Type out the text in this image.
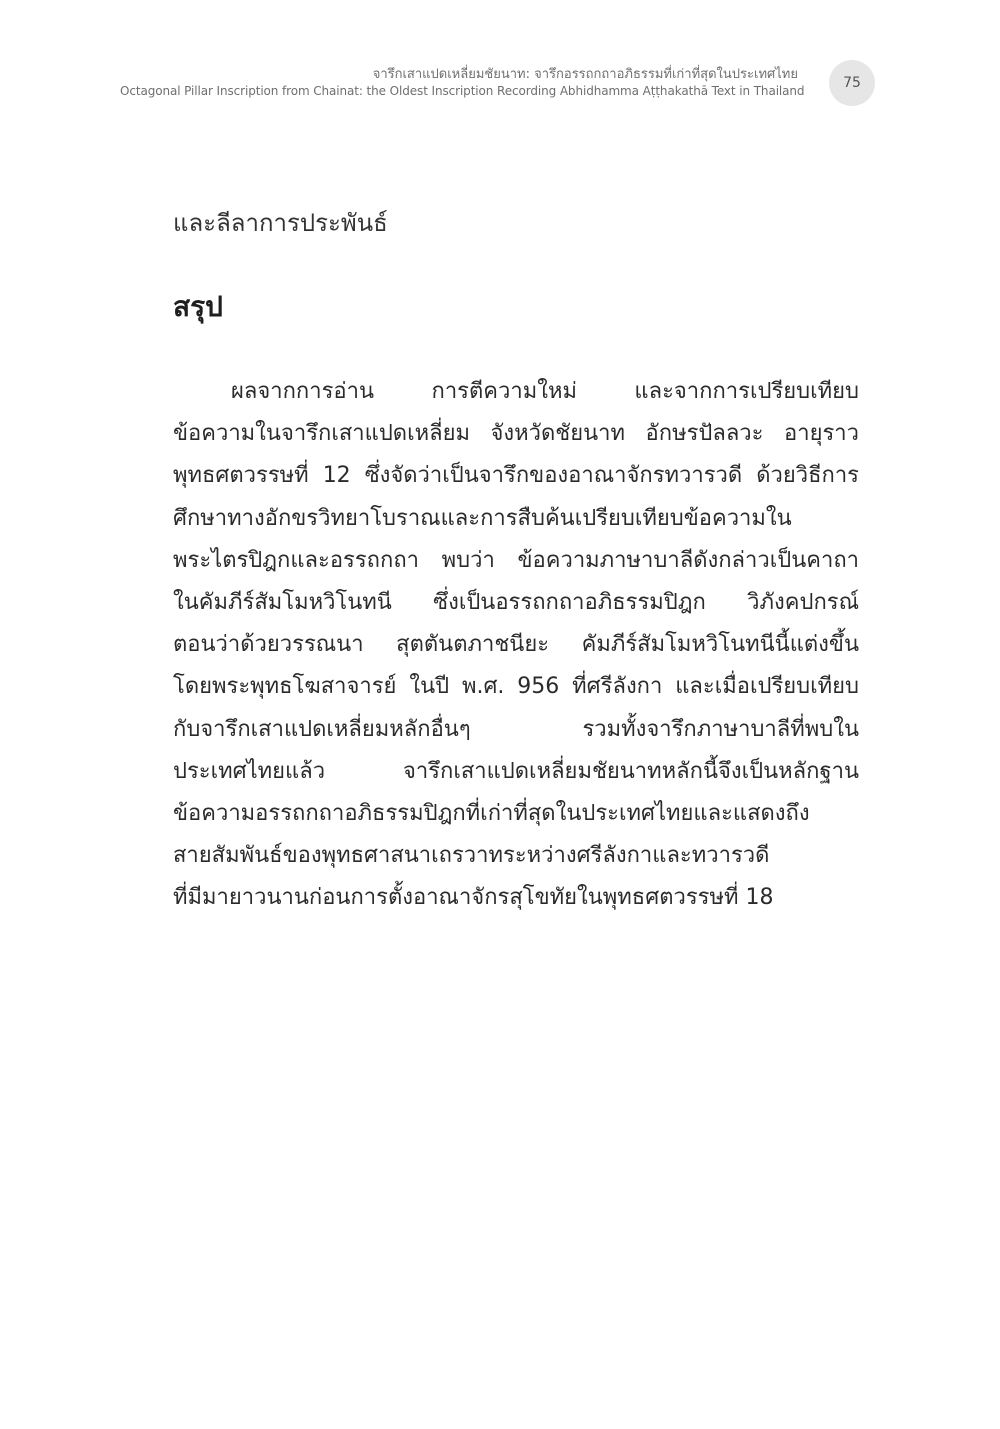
จารึกเสาแปดเหลี่ยมชัยนาท: จารึกอรรถกถาอภิธรรมที่เก่าที่สุดในประเทศไทย
Octagonal Pillar Inscription from Chainat: the Oldest Inscription Recording Abhidhamma Aṭṭhakathā Text in Thailand	75
และลีลาการประพันธ์
สรุป
ผลจากการอ่าน การตีความใหม่ และจากการเปรียบเทียบ
ข้อความในจารึกเสาแปดเหลี่ยม จังหวัดชัยนาท อักษรปัลลวะ อายุราว
พุทธศตวรรษที่ 12 ซึ่งจัดว่าเป็นจารึกของอาณาจักรทวารวดี ด้วยวิธีการ
ศึกษาทางอักขรวิทยาโบราณและการสืบค้นเปรียบเทียบข้อความใน
พระไตรปิฎกและอรรถกถา พบว่า ข้อความภาษาบาลีดังกล่าวเป็นคาถา
ในคัมภีร์สัมโมหวิโนทนี ซึ่งเป็นอรรถกถาอภิธรรมปิฎก วิภังคปกรณ์
ตอนว่าด้วยวรรณนา สุตตันตภาชนียะ คัมภีร์สัมโมหวิโนทนีนี้แต่งขึ้น
โดยพระพุทธโฆสาจารย์ ในปี พ.ศ. 956 ที่ศรีลังกา และเมื่อเปรียบเทียบ
กับจารึกเสาแปดเหลี่ยมหลักอื่นๆ รวมทั้งจารึกภาษาบาลีที่พบใน
ประเทศไทยแล้ว จารึกเสาแปดเหลี่ยมชัยนาทหลักนี้จึงเป็นหลักฐาน
ข้อความอรรถกถาอภิธรรมปิฎกที่เก่าที่สุดในประเทศไทยและแสดงถึง
สายสัมพันธ์ของพุทธศาสนาเถรวาทระหว่างศรีลังกาและทวารวดี
ที่มีมายาวนานก่อนการตั้งอาณาจักรสุโขทัยในพุทธศตวรรษที่ 18
